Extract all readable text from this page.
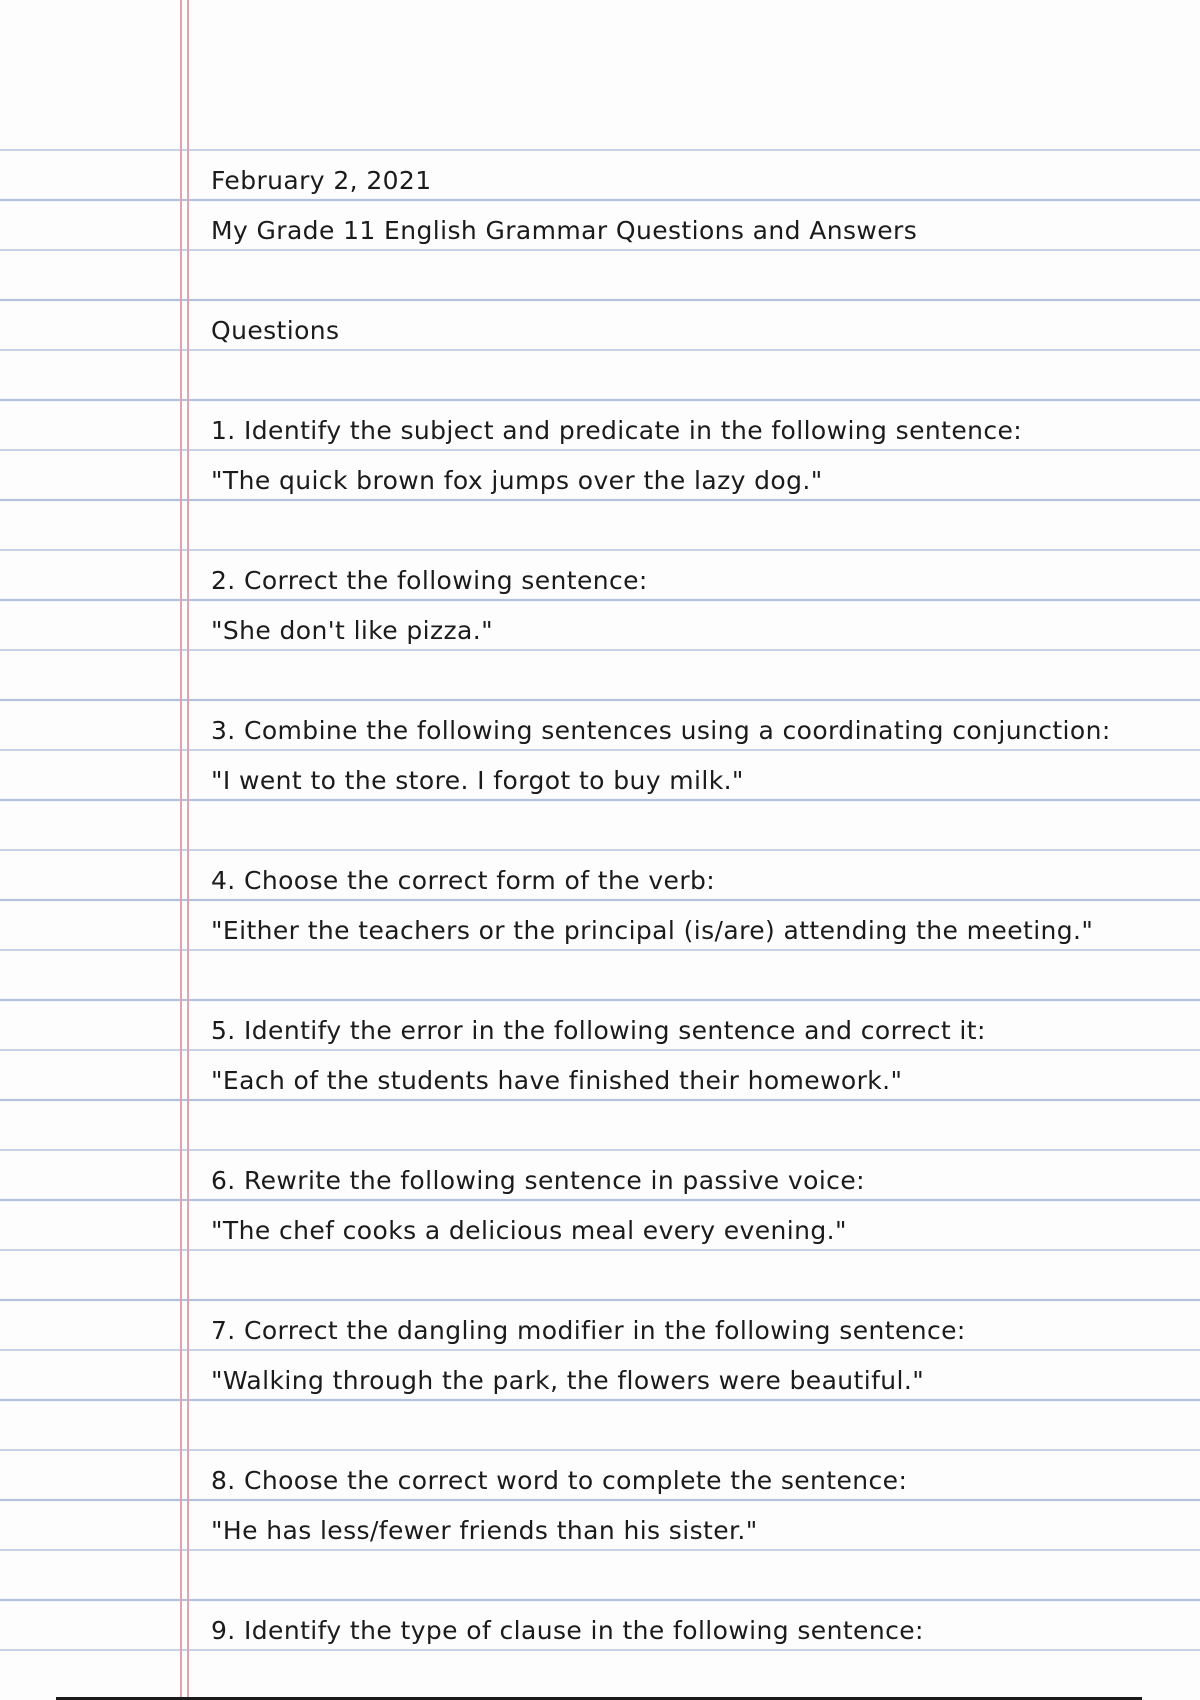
February 2, 2021
My Grade 11 English Grammar Questions and Answers
Questions
1. Identify the subject and predicate in the following sentence:
"The quick brown fox jumps over the lazy dog."
2. Correct the following sentence:
"She don't like pizza."
3. Combine the following sentences using a coordinating conjunction:
"I went to the store. I forgot to buy milk."
4. Choose the correct form of the verb:
"Either the teachers or the principal (is/are) attending the meeting."
5. Identify the error in the following sentence and correct it:
"Each of the students have finished their homework."
6. Rewrite the following sentence in passive voice:
"The chef cooks a delicious meal every evening."
7. Correct the dangling modifier in the following sentence:
"Walking through the park, the flowers were beautiful."
8. Choose the correct word to complete the sentence:
"He has less/fewer friends than his sister."
9. Identify the type of clause in the following sentence:
